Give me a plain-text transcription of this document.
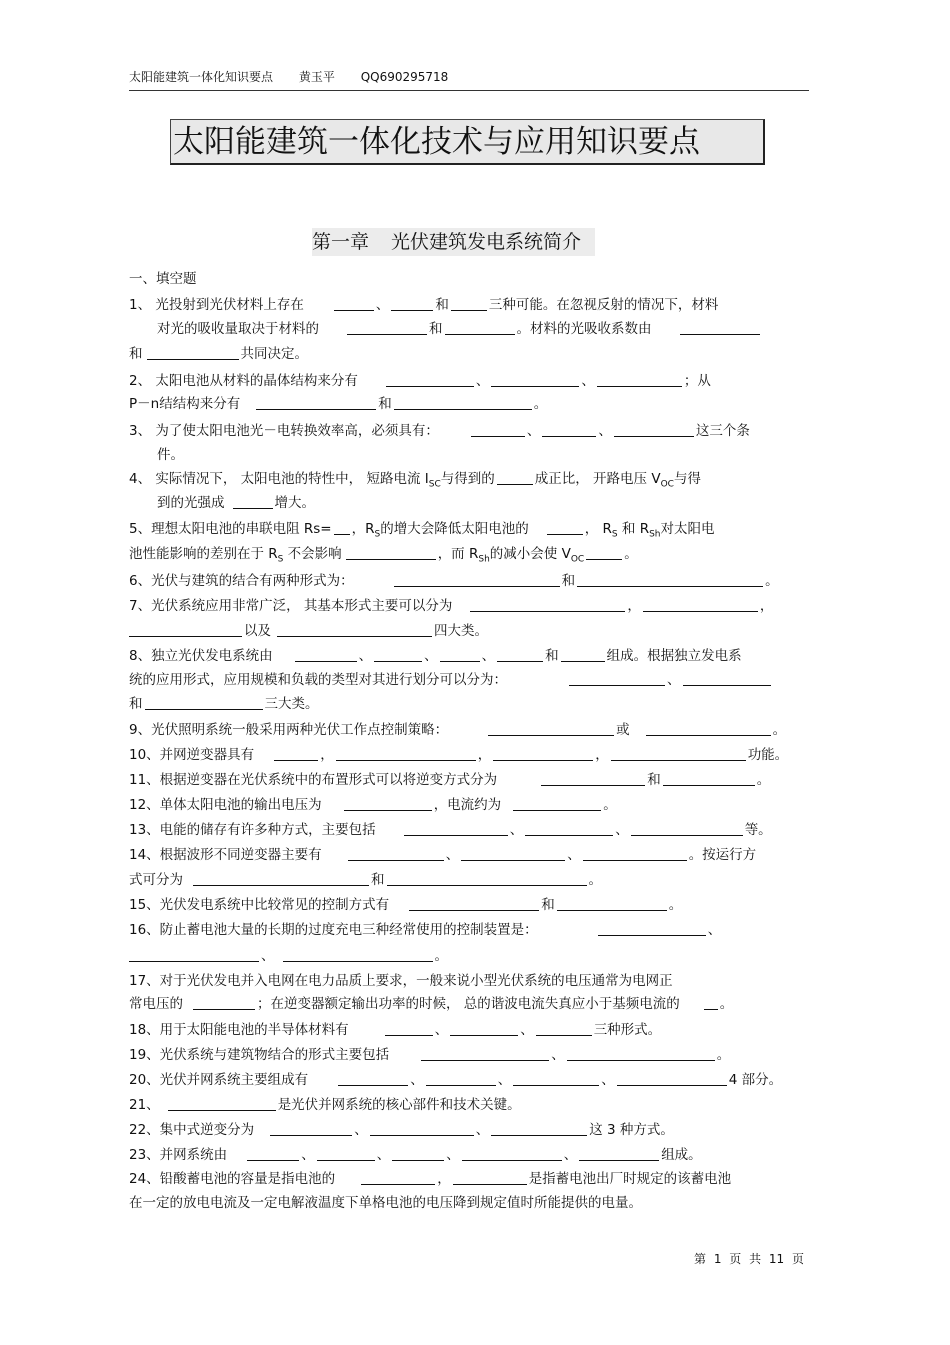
太阳能建筑一体化知识要点 黄玉平 QQ690295718
太阳能建筑一体化技术与应用知识要点
第一章 光伏建筑发电系统简介
一、填空题
1、 光投射到光伏材料上存在	、	和	三种可能。在忽视反射的情况下，材料
对光的吸收量取决于材料的	和	。材料的光吸收系数由
和	共同决定。
2、 太阳电池从材料的晶体结构来分有	、	、	；从
P－n结结构来分有	和	。
3、 为了使太阳电池光－电转换效率高，必须具有：	、	、	这三个条
件。
4、 实际情况下， 太阳电池的特性中， 短路电流 $I_{SC}$与得到的	成正比， 开路电压 $V_{OC}$与得
到的光强成	增大。
5、理想太阳电池的串联电阻 Rs= ，$R_S$的增大会降低太阳电池的	， $R_S$ 和 $R_{Sh}$对太阳电
池性能影响的差别在于 $R_S$ 不会影响	，而 $R_{Sh}$的减小会使 $V_{OC}$	。
6、光伏与建筑的结合有两种形式为：	和	。
7、光伏系统应用非常广泛， 其基本形式主要可以分为	，	，
以及	四大类。
8、独立光伏发电系统由	、	、	、	和	组成。根据独立发电系
统的应用形式，应用规模和负载的类型对其进行划分可以分为：	、
和	三大类。
9、光伏照明系统一般采用两种光伏工作点控制策略：	或	。
10、并网逆变器具有	，	，	，	功能。
11、根据逆变器在光伏系统中的布置形式可以将逆变方式分为	和	。
12、单体太阳电池的输出电压为	，电流约为	。
13、电能的储存有许多种方式，主要包括	、	、	等。
14、根据波形不同逆变器主要有	、	、	。按运行方
式可分为	和	。
15、光伏发电系统中比较常见的控制方式有	和	。
16、防止蓄电池大量的长期的过度充电三种经常使用的控制装置是：	、
、	。
17、对于光伏发电并入电网在电力品质上要求，一般来说小型光伏系统的电压通常为电网正
常电压的	；在逆变器额定输出功率的时候， 总的谐波电流失真应小于基频电流的	。
18、用于太阳能电池的半导体材料有	、	、	三种形式。
19、光伏系统与建筑物结合的形式主要包括	、	。
20、光伏并网系统主要组成有	、	、	、	4 部分。
21、	是光伏并网系统的核心部件和技术关键。
22、集中式逆变分为	、	、	这 3 种方式。
23、并网系统由	、	、	、	、	组成。
24、铅酸蓄电池的容量是指电池的	，	是指蓄电池出厂时规定的该蓄电池
在一定的放电电流及一定电解液温度下单格电池的电压降到规定值时所能提供的电量。
第 1 页 共 11 页
